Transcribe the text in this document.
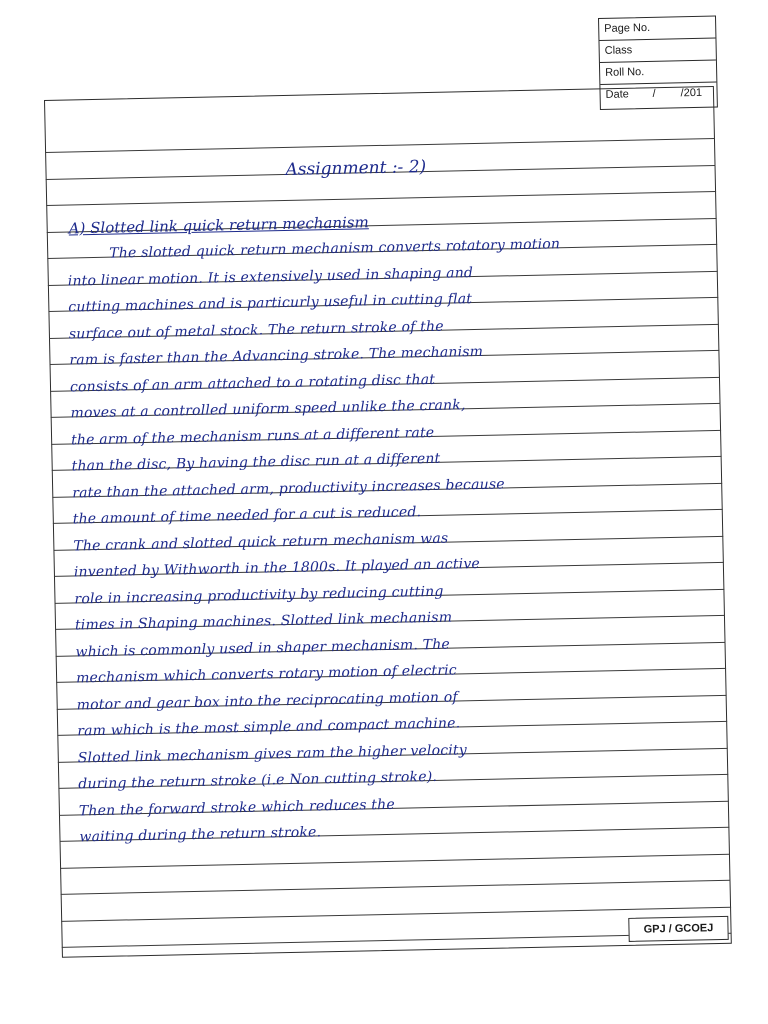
Page No.
Class
Roll No.
Date / /201
Assignment :- 2)
A) Slotted link quick return mechanism
The slotted quick return mechanism converts rotatory motion
into linear motion. It is extensively used in shaping and
cutting machines and is particurly useful in cutting flat
surface out of metal stock. The return stroke of the
ram is faster than the Advancing stroke. The mechanism
consists of an arm attached to a rotating disc that
moves at a controlled uniform speed unlike the crank,
the arm of the mechanism runs at a different rate
than the disc, By having the disc run at a different
rate than the attached arm, productivity increases because
the amount of time needed for a cut is reduced.
The crank and slotted quick return mechanism was
invented by Withworth in the 1800s. It played an active
role in increasing productivity by reducing cutting
times in Shaping machines. Slotted link mechanism
which is commonly used in shaper mechanism. The
mechanism which converts rotary motion of electric
motor and gear box into the reciprocating motion of
ram which is the most simple and compact machine.
Slotted link mechanism gives ram the higher velocity
during the return stroke (i.e Non cutting stroke).
Then the forward stroke which reduces the
waiting during the return stroke.
GPJ / GCOEJ
